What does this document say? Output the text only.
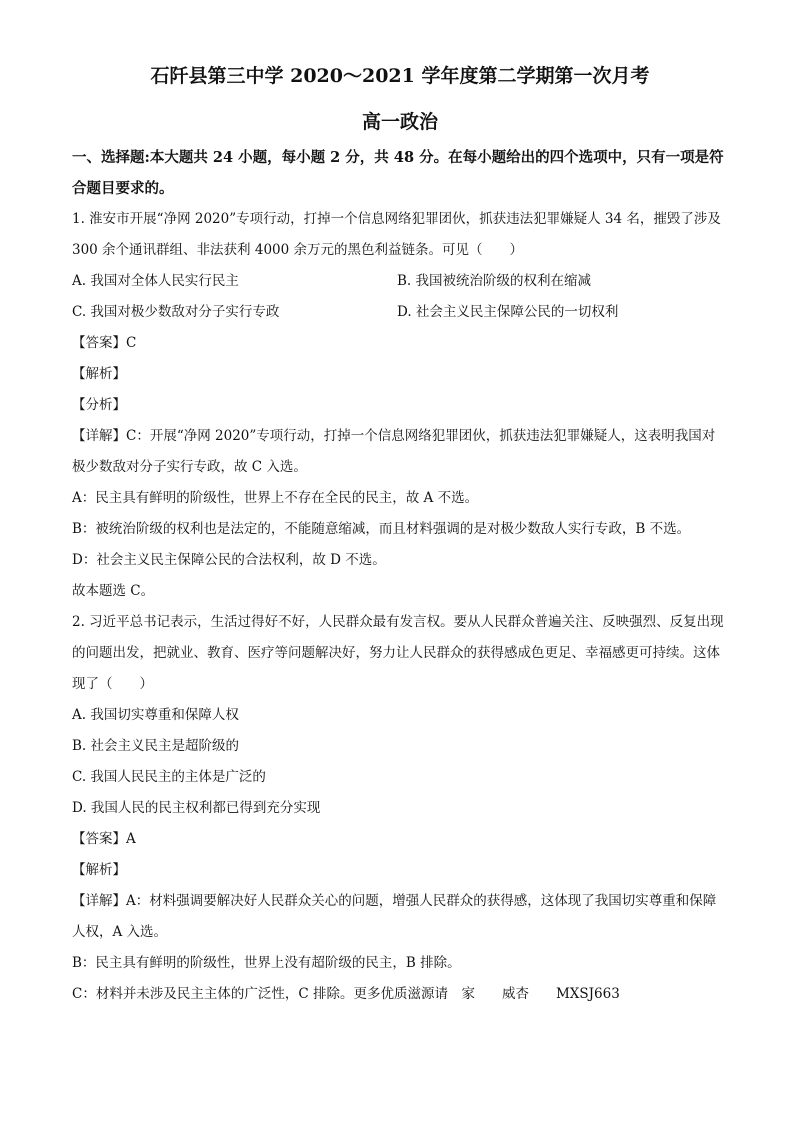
石阡县第三中学 2020～2021 学年度第二学期第一次月考

高一政治

一、选择题:本大题共 24 小题，每小题 2 分，共 48 分。在每小题给出的四个选项中，只有一项是符合题目要求的。

1. 淮安市开展“净网 2020”专项行动，打掉一个信息网络犯罪团伙，抓获违法犯罪嫌疑人 34 名，摧毁了涉及 300 余个通讯群组、非法获利 4000 余万元的黑色利益链条。可见（　　）

A. 我国对全体人民实行民主	B. 我国被统治阶级的权利在缩减
C. 我国对极少数敌对分子实行专政	D. 社会主义民主保障公民的一切权利

【答案】C

【解析】

【分析】

【详解】C：开展“净网 2020”专项行动，打掉一个信息网络犯罪团伙，抓获违法犯罪嫌疑人，这表明我国对极少数敌对分子实行专政，故 C 入选。

A：民主具有鲜明的阶级性，世界上不存在全民的民主，故 A 不选。

B：被统治阶级的权利也是法定的，不能随意缩减，而且材料强调的是对极少数敌人实行专政，B 不选。

D：社会主义民主保障公民的合法权利，故 D 不选。

故本题选 C。

2. 习近平总书记表示，生活过得好不好，人民群众最有发言权。要从人民群众普遍关注、反映强烈、反复出现的问题出发，把就业、教育、医疗等问题解决好，努力让人民群众的获得感成色更足、幸福感更可持续。这体现了（　　）

A. 我国切实尊重和保障人权

B. 社会主义民主是超阶级的

C. 我国人民民主的主体是广泛的

D. 我国人民的民主权利都已得到充分实现

【答案】A

【解析】

【详解】A：材料强调要解决好人民群众关心的问题，增强人民群众的获得感，这体现了我国切实尊重和保障人权，A 入选。

B：民主具有鲜明的阶级性，世界上没有超阶级的民主，B 排除。

C：材料并未涉及民主主体的广泛性，C 排除。更多优质滋源请　家　　威杏　　MXSJ663
